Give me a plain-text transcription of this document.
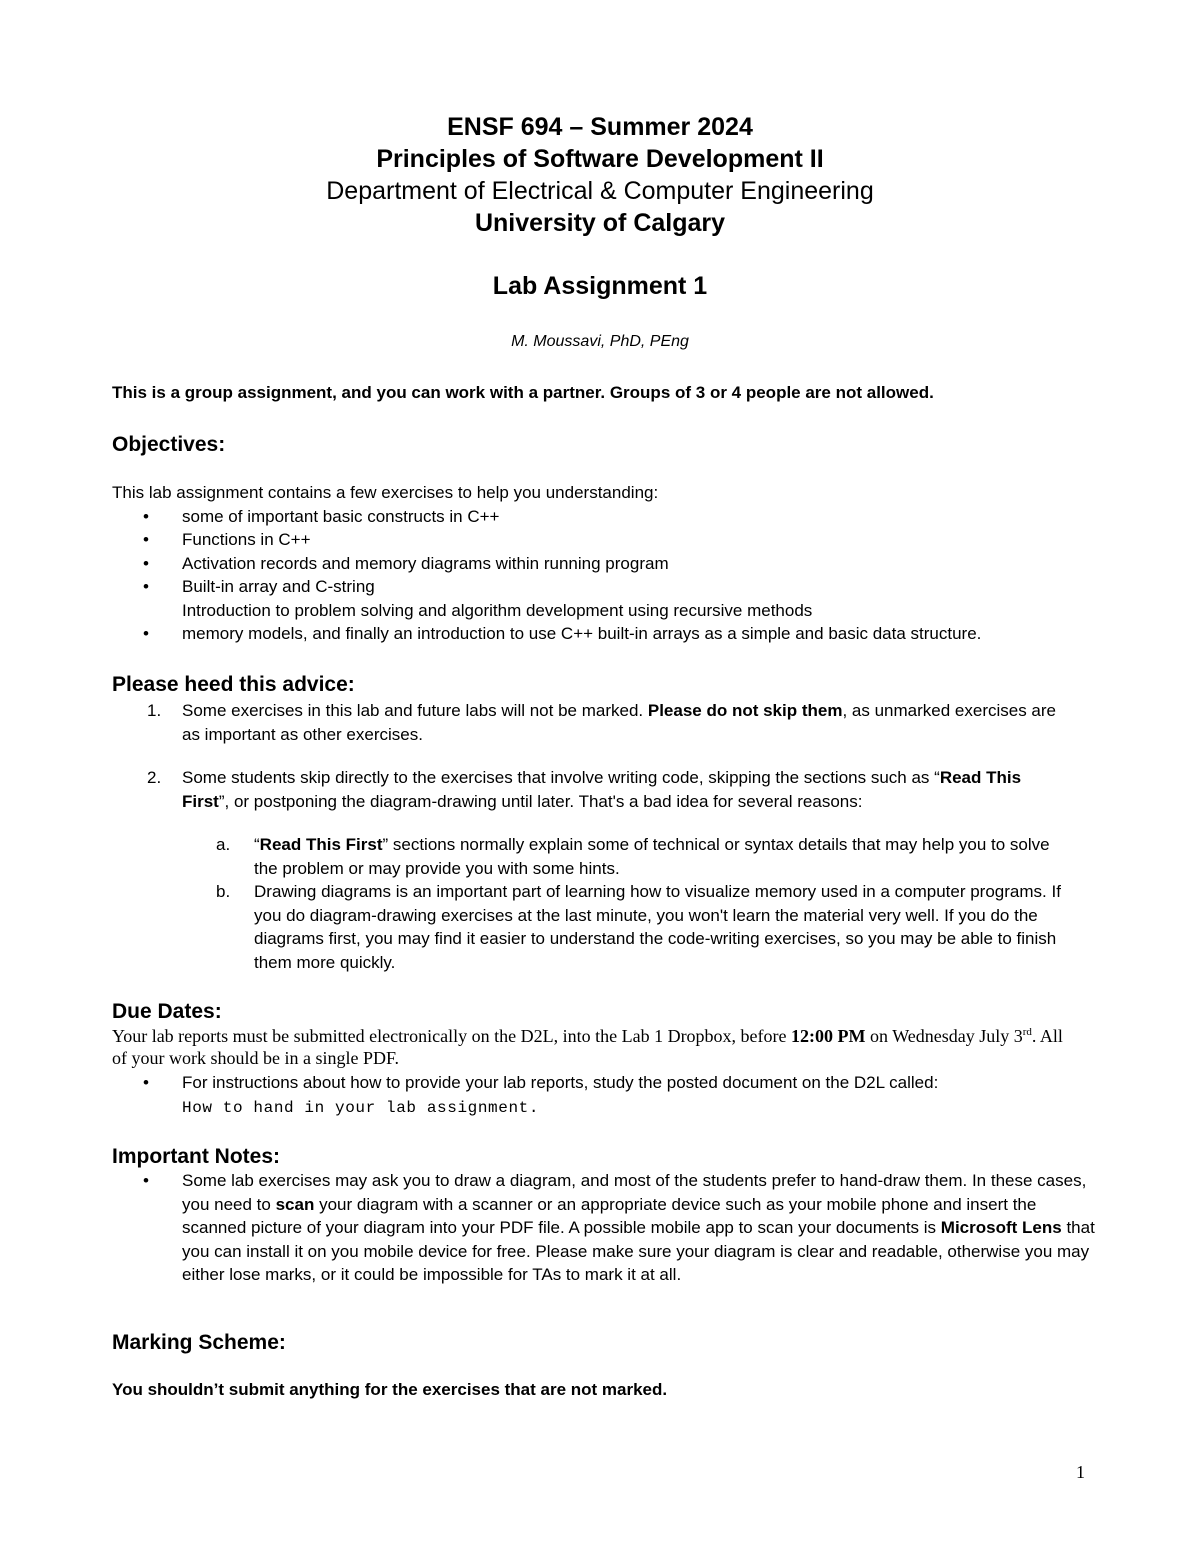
ENSF 694 – Summer 2024
Principles of Software Development II
Department of Electrical & Computer Engineering
University of Calgary
Lab Assignment 1
M. Moussavi, PhD, PEng
This is a group assignment, and you can work with a partner. Groups of 3 or 4 people are not allowed.
Objectives:
This lab assignment contains a few exercises to help you understanding:
• some of important basic constructs in C++
• Functions in C++
• Activation records and memory diagrams within running program
• Built-in array and C-string
Introduction to problem solving and algorithm development using recursive methods
• memory models, and finally an introduction to use C++ built-in arrays as a simple and basic data structure.
Please heed this advice:
1. Some exercises in this lab and future labs will not be marked. Please do not skip them, as unmarked exercises are as important as other exercises.
2. Some students skip directly to the exercises that involve writing code, skipping the sections such as “Read This First”, or postponing the diagram-drawing until later. That's a bad idea for several reasons:
a. “Read This First” sections normally explain some of technical or syntax details that may help you to solve the problem or may provide you with some hints.
b. Drawing diagrams is an important part of learning how to visualize memory used in a computer programs. If you do diagram-drawing exercises at the last minute, you won't learn the material very well. If you do the diagrams first, you may find it easier to understand the code-writing exercises, so you may be able to finish them more quickly.
Due Dates:
Your lab reports must be submitted electronically on the D2L, into the Lab 1 Dropbox, before 12:00 PM on Wednesday July 3rd. All of your work should be in a single PDF.
• For instructions about how to provide your lab reports, study the posted document on the D2L called:
How to hand in your lab assignment.
Important Notes:
• Some lab exercises may ask you to draw a diagram, and most of the students prefer to hand-draw them. In these cases, you need to scan your diagram with a scanner or an appropriate device such as your mobile phone and insert the scanned picture of your diagram into your PDF file. A possible mobile app to scan your documents is Microsoft Lens that you can install it on you mobile device for free. Please make sure your diagram is clear and readable, otherwise you may either lose marks, or it could be impossible for TAs to mark it at all.
Marking Scheme:
You shouldn’t submit anything for the exercises that are not marked.
1
